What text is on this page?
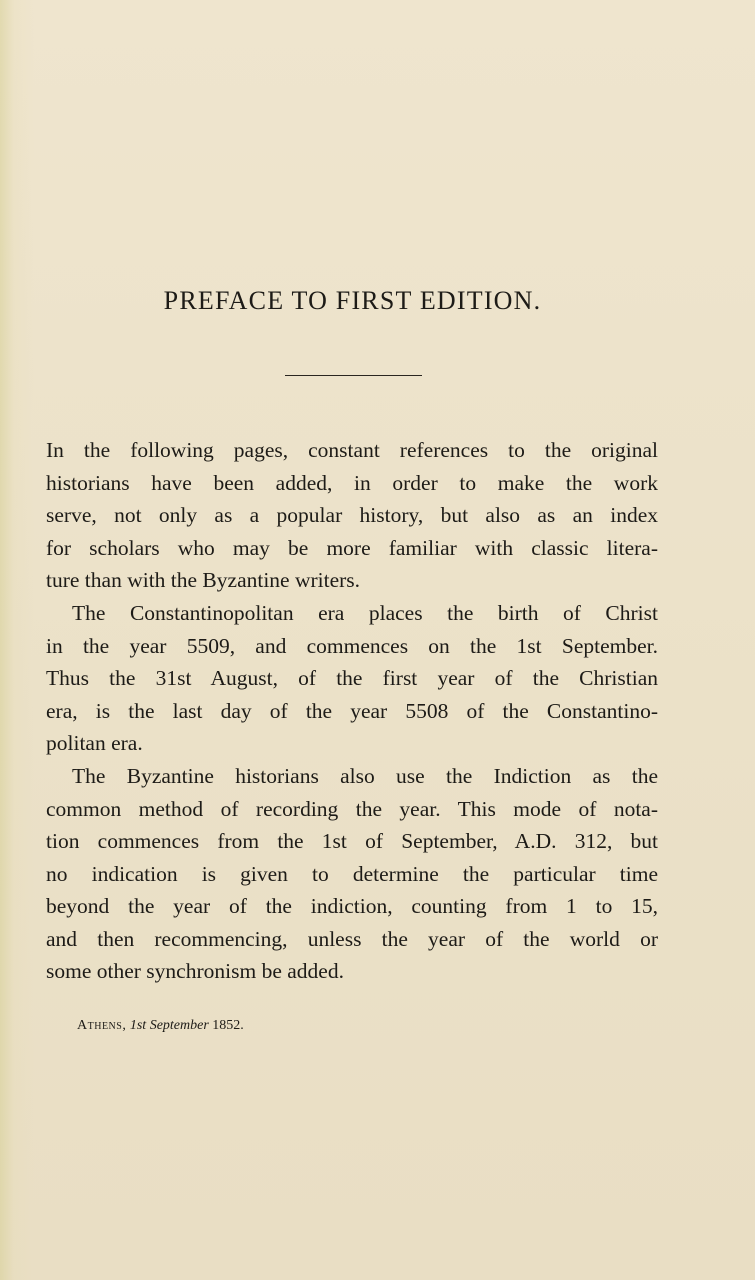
PREFACE TO FIRST EDITION.
In the following pages, constant references to the original
historians have been added, in order to make the work
serve, not only as a popular history, but also as an index
for scholars who may be more familiar with classic litera-
ture than with the Byzantine writers.
The Constantinopolitan era places the birth of Christ
in the year 5509, and commences on the 1st September.
Thus the 31st August, of the first year of the Christian
era, is the last day of the year 5508 of the Constantino-
politan era.
The Byzantine historians also use the Indiction as the
common method of recording the year. This mode of nota-
tion commences from the 1st of September, A.D. 312, but
no indication is given to determine the particular time
beyond the year of the indiction, counting from 1 to 15,
and then recommencing, unless the year of the world or
some other synchronism be added.
Athens, 1st September 1852.
